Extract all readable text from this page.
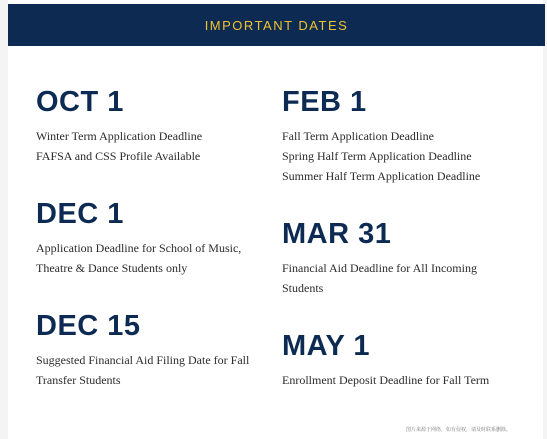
IMPORTANT DATES
OCT 1
Winter Term Application Deadline
FAFSA and CSS Profile Available
DEC 1
Application Deadline for School of Music,
Theatre & Dance Students only
DEC 15
Suggested Financial Aid Filing Date for Fall
Transfer Students
FEB 1
Fall Term Application Deadline
Spring Half Term Application Deadline
Summer Half Term Application Deadline
MAR 31
Financial Aid Deadline for All Incoming
Students
MAY 1
Enrollment Deposit Deadline for Fall Term
图片来源于网络，如有侵权，请及时联系删除。
